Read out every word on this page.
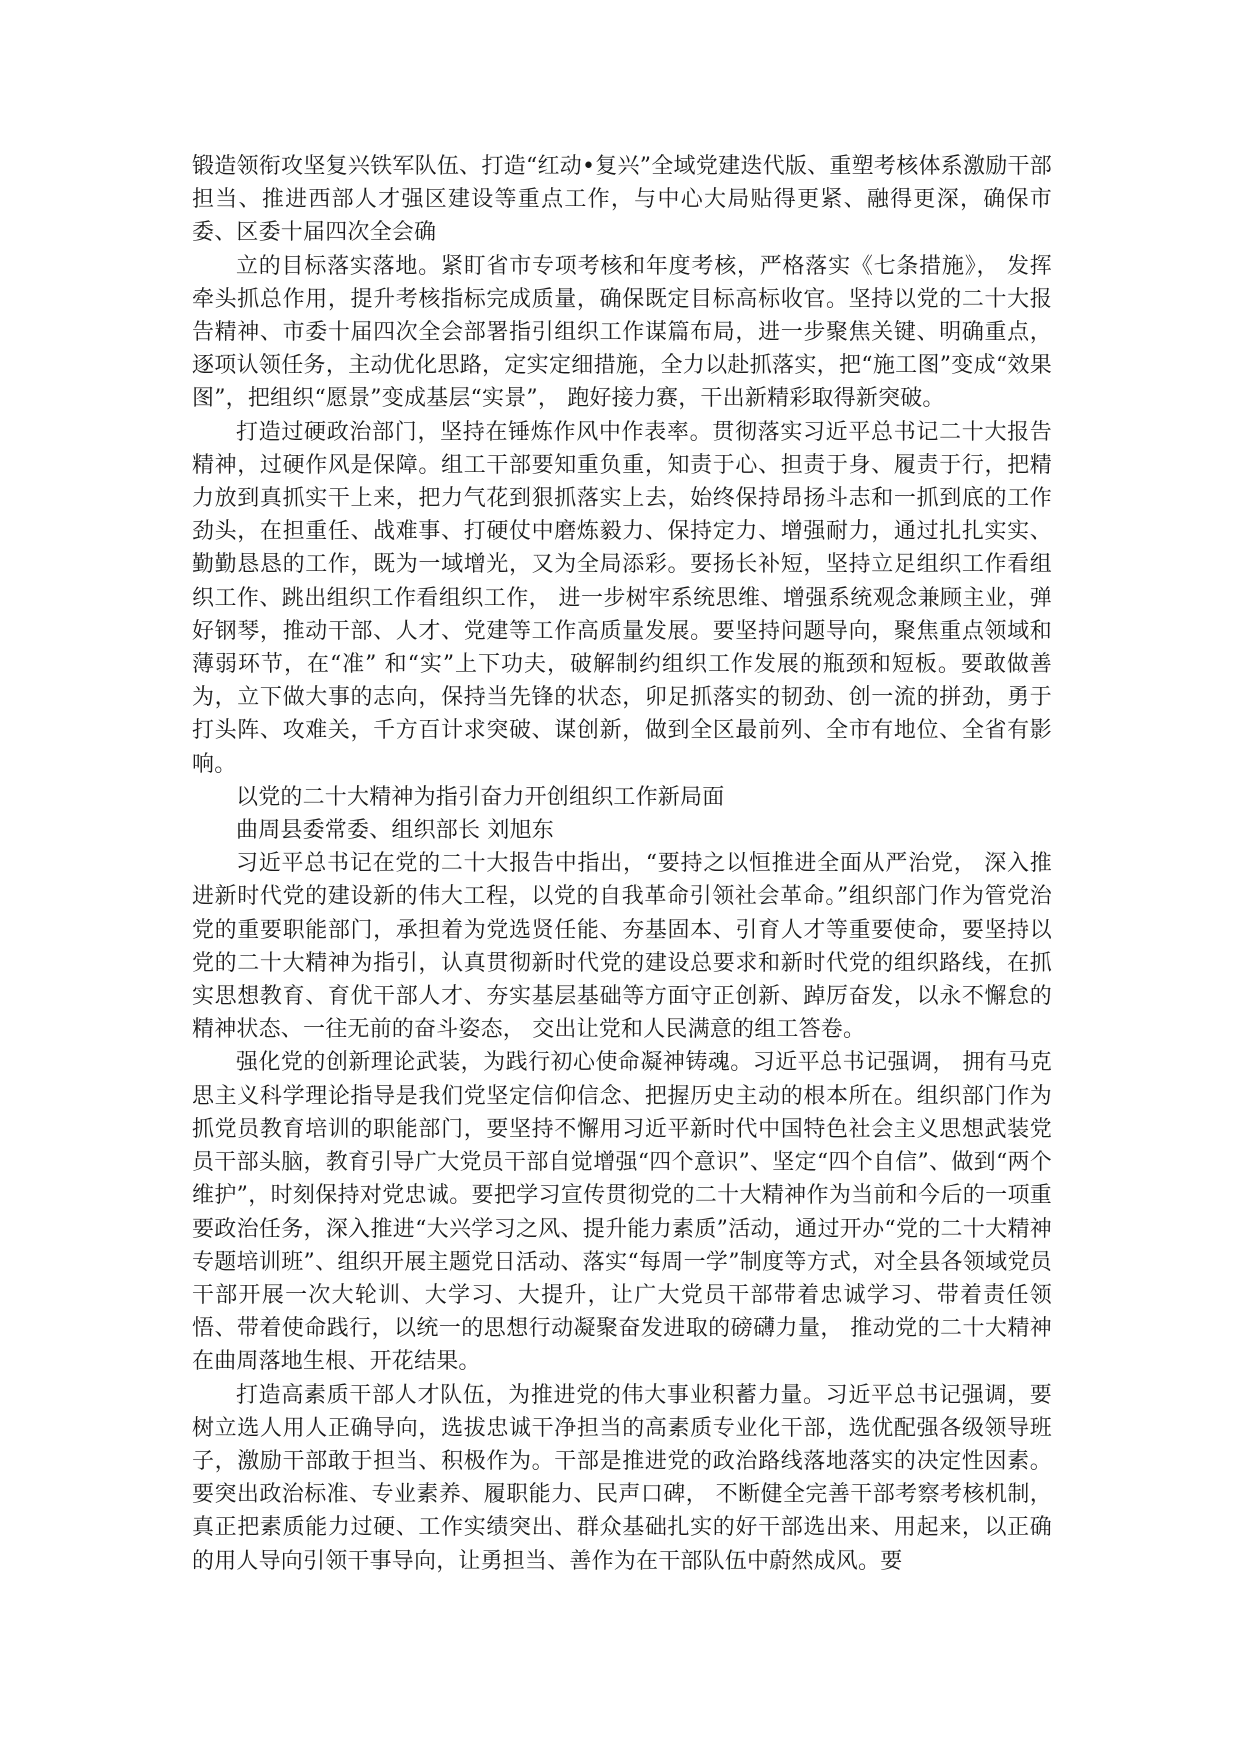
锻造领衔攻坚复兴铁军队伍、打造“红动•复兴”全域党建迭代版、重塑考核体系激励干部担当、推进西部人才强区建设等重点工作，与中心大局贴得更紧、融得更深，确保市委、区委十届四次全会确

立的目标落实落地。紧盯省市专项考核和年度考核，严格落实《七条措施》， 发挥牵头抓总作用，提升考核指标完成质量，确保既定目标高标收官。坚持以党的二十大报告精神、市委十届四次全会部署指引组织工作谋篇布局，进一步聚焦关键、明确重点，逐项认领任务，主动优化思路，定实定细措施，全力以赴抓落实，把“施工图”变成“效果图”，把组织“愿景”变成基层“实景”， 跑好接力赛，干出新精彩取得新突破。

打造过硬政治部门，坚持在锤炼作风中作表率。贯彻落实习近平总书记二十大报告精神，过硬作风是保障。组工干部要知重负重，知责于心、担责于身、履责于行，把精力放到真抓实干上来，把力气花到狠抓落实上去，始终保持昂扬斗志和一抓到底的工作劲头，在担重任、战难事、打硬仗中磨炼毅力、保持定力、增强耐力，通过扎扎实实、勤勤恳恳的工作，既为一域增光，又为全局添彩。要扬长补短，坚持立足组织工作看组织工作、跳出组织工作看组织工作， 进一步树牢系统思维、增强系统观念兼顾主业，弹好钢琴，推动干部、人才、党建等工作高质量发展。要坚持问题导向，聚焦重点领域和薄弱环节，在“准” 和“实”上下功夫，破解制约组织工作发展的瓶颈和短板。要敢做善为，立下做大事的志向，保持当先锋的状态，卯足抓落实的韧劲、创一流的拼劲，勇于打头阵、攻难关，千方百计求突破、谋创新，做到全区最前列、全市有地位、全省有影响。

以党的二十大精神为指引奋力开创组织工作新局面

曲周县委常委、组织部长 刘旭东

习近平总书记在党的二十大报告中指出，“要持之以恒推进全面从严治党， 深入推进新时代党的建设新的伟大工程，以党的自我革命引领社会革命。”组织部门作为管党治党的重要职能部门，承担着为党选贤任能、夯基固本、引育人才等重要使命，要坚持以党的二十大精神为指引，认真贯彻新时代党的建设总要求和新时代党的组织路线，在抓实思想教育、育优干部人才、夯实基层基础等方面守正创新、踔厉奋发，以永不懈怠的精神状态、一往无前的奋斗姿态， 交出让党和人民满意的组工答卷。

强化党的创新理论武装，为践行初心使命凝神铸魂。习近平总书记强调， 拥有马克思主义科学理论指导是我们党坚定信仰信念、把握历史主动的根本所在。组织部门作为抓党员教育培训的职能部门，要坚持不懈用习近平新时代中国特色社会主义思想武装党员干部头脑，教育引导广大党员干部自觉增强“四个意识”、坚定“四个自信”、做到“两个维护”，时刻保持对党忠诚。要把学习宣传贯彻党的二十大精神作为当前和今后的一项重要政治任务，深入推进“大兴学习之风、提升能力素质”活动，通过开办“党的二十大精神专题培训班”、组织开展主题党日活动、落实“每周一学”制度等方式，对全县各领域党员干部开展一次大轮训、大学习、大提升，让广大党员干部带着忠诚学习、带着责任领悟、带着使命践行，以统一的思想行动凝聚奋发进取的磅礴力量， 推动党的二十大精神在曲周落地生根、开花结果。

打造高素质干部人才队伍，为推进党的伟大事业积蓄力量。习近平总书记强调，要树立选人用人正确导向，选拔忠诚干净担当的高素质专业化干部，选优配强各级领导班子，激励干部敢于担当、积极作为。干部是推进党的政治路线落地落实的决定性因素。要突出政治标准、专业素养、履职能力、民声口碑， 不断健全完善干部考察考核机制，真正把素质能力过硬、工作实绩突出、群众基础扎实的好干部选出来、用起来，以正确的用人导向引领干事导向，让勇担当、善作为在干部队伍中蔚然成风。要
